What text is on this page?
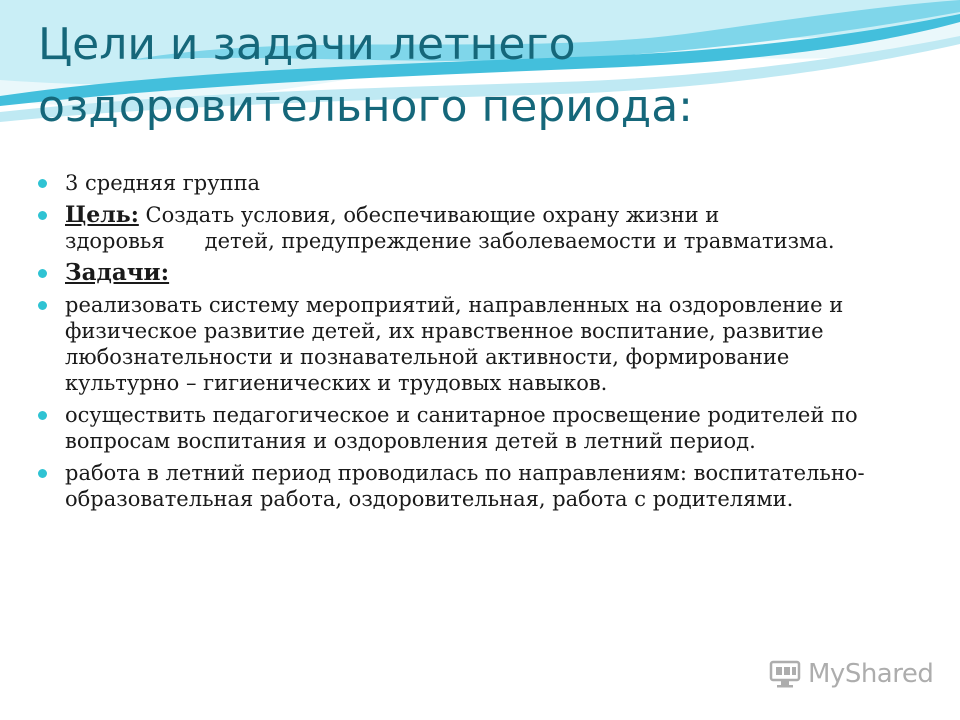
Цели и задачи летнего оздоровительного периода:
3 средняя группа
Цель: Создать условия, обеспечивающие охрану жизни и здоровья      детей, предупреждение заболеваемости и травматизма.
Задачи:
реализовать систему мероприятий, направленных на оздоровление и физическое развитие детей, их нравственное воспитание, развитие любознательности и познавательной активности, формирование культурно – гигиенических и трудовых навыков.
осуществить педагогическое и санитарное просвещение родителей по вопросам воспитания и оздоровления детей в летний период.
работа в летний период проводилась по направлениям: воспитательно-образовательная работа, оздоровительная, работа с родителями.
MyShared
